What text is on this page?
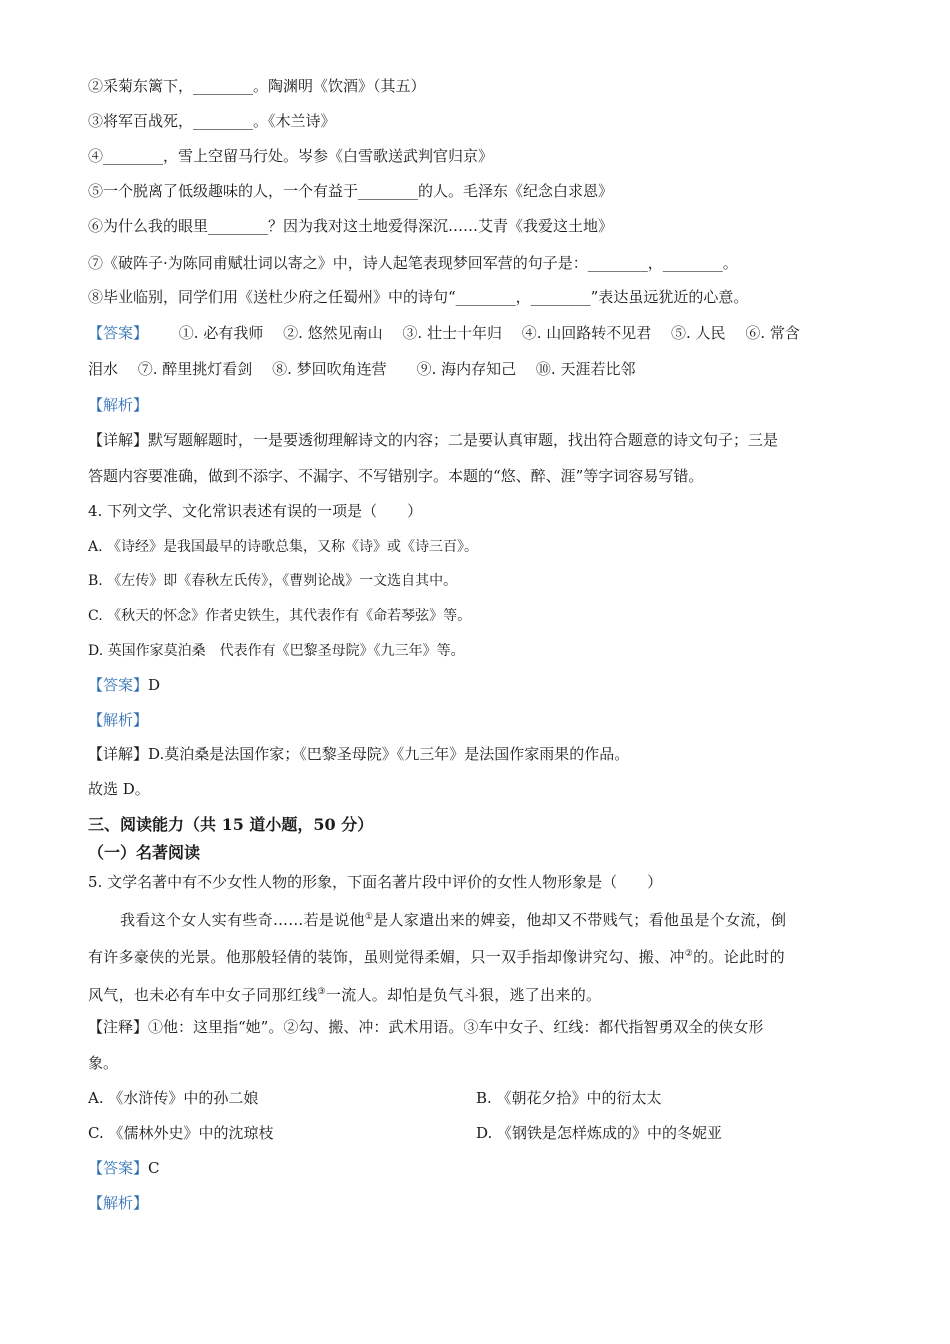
②采菊东篱下，________。陶渊明《饮酒》（其五）
③将军百战死，________。《木兰诗》
④________，雪上空留马行处。岑参《白雪歌送武判官归京》
⑤一个脱离了低级趣味的人，一个有益于________的人。毛泽东《纪念白求恩》
⑥为什么我的眼里________？因为我对这土地爱得深沉……艾青《我爱这土地》
⑦《破阵子·为陈同甫赋壮词以寄之》中，诗人起笔表现梦回军营的句子是：________，________。
⑧毕业临别，同学们用《送杜少府之任蜀州》中的诗句“________，________”表达虽远犹近的心意。
【答案】 ①. 必有我师　 ②. 悠然见南山　 ③. 壮士十年归　 ④. 山回路转不见君　 ⑤. 人民　 ⑥. 常含
泪水　 ⑦. 醉里挑灯看剑　 ⑧. 梦回吹角连营　　⑨. 海内存知己　 ⑩. 天涯若比邻
【解析】
【详解】默写题解题时，一是要透彻理解诗文的内容；二是要认真审题，找出符合题意的诗文句子；三是
答题内容要准确，做到不添字、不漏字、不写错别字。本题的“悠、醉、涯”等字词容易写错。
4. 下列文学、文化常识表述有误的一项是（　　）
A. 《诗经》是我国最早的诗歌总集，又称《诗》或《诗三百》。
B. 《左传》即《春秋左氏传》，《曹刿论战》一文选自其中。
C. 《秋天的怀念》作者史铁生，其代表作有《命若琴弦》等。
D. 英国作家莫泊桑　代表作有《巴黎圣母院》《九三年》等。
【答案】D
【解析】
【详解】D.莫泊桑是法国作家；《巴黎圣母院》《九三年》是法国作家雨果的作品。
故选 D。
三、阅读能力（共 15 道小题，50 分）
（一）名著阅读
5. 文学名著中有不少女性人物的形象，下面名著片段中评价的女性人物形象是（　　）
我看这个女人实有些奇……若是说他①是人家遣出来的婢妾，他却又不带贱气；看他虽是个女流，倒
有许多豪侠的光景。他那般轻倩的装饰，虽则觉得柔媚，只一双手指却像讲究勾、搬、冲②的。论此时的
风气，也未必有车中女子同那红线③一流人。却怕是负气斗狠，逃了出来的。
【注释】①他：这里指“她”。②勾、搬、冲：武术用语。③车中女子、红线：都代指智勇双全的侠女形
象。
A. 《水浒传》中的孙二娘	B. 《朝花夕拾》中的衍太太
C. 《儒林外史》中的沈琼枝	D. 《钢铁是怎样炼成的》中的冬妮亚
【答案】C
【解析】
